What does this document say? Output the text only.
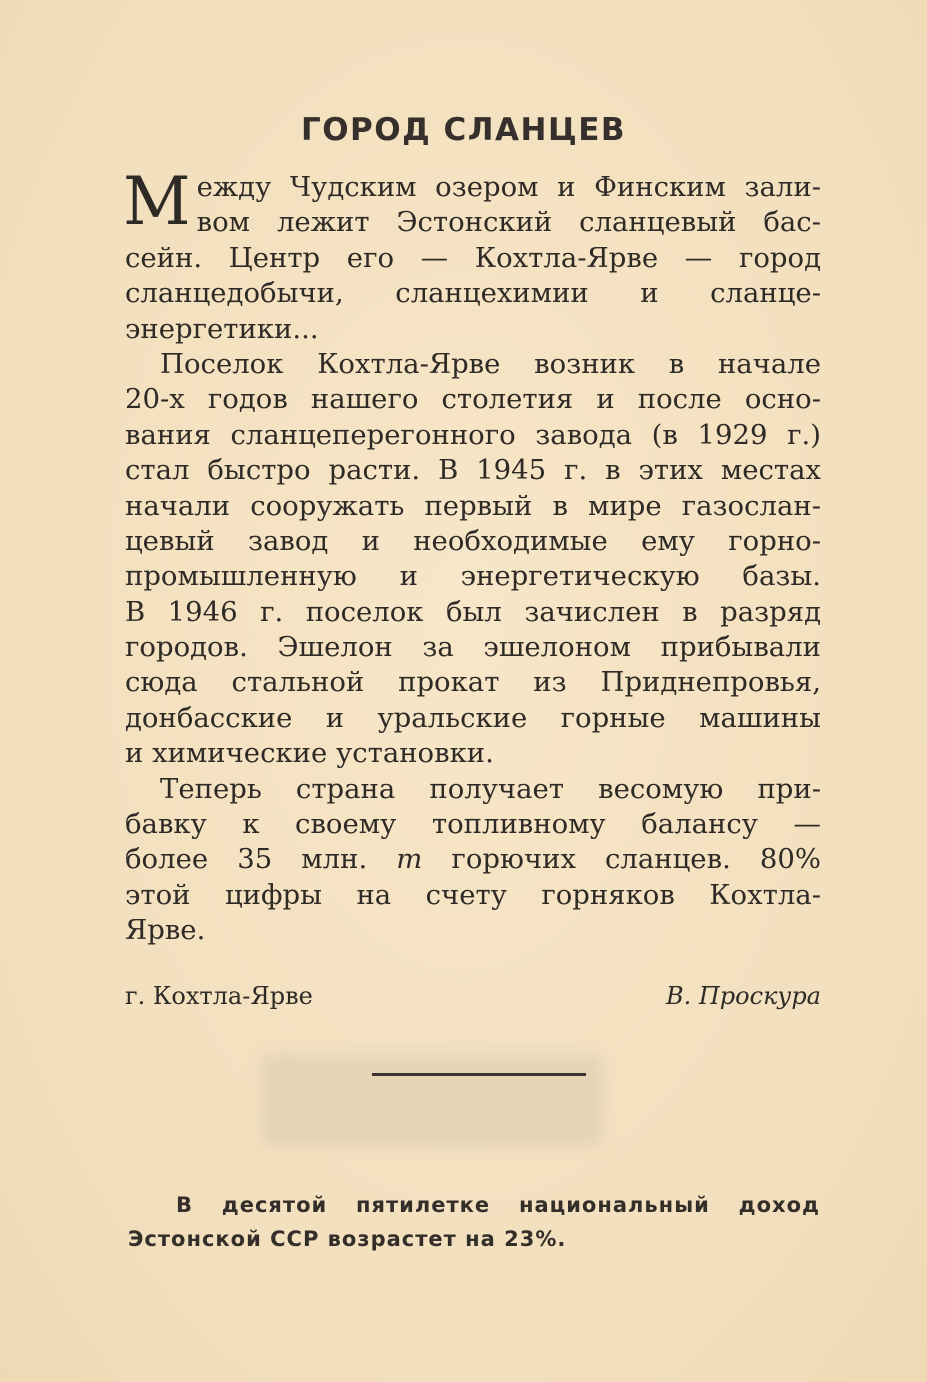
ГОРОД СЛАНЦЕВ
М ежду Чудским озером и Финским зали-
вом лежит Эстонский сланцевый бас-
сейн. Центр его — Кохтла-Ярве — город
сланцедобычи, сланцехимии и сланце-
энергетики...
Поселок Кохтла-Ярве возник в начале
20-х годов нашего столетия и после осно-
вания сланцеперегонного завода (в 1929 г.)
стал быстро расти. В 1945 г. в этих местах
начали сооружать первый в мире газослан-
цевый завод и необходимые ему горно-
промышленную и энергетическую базы.
В 1946 г. поселок был зачислен в разряд
городов. Эшелон за эшелоном прибывали
сюда стальной прокат из Приднепровья,
донбасские и уральские горные машины
и химические установки.
Теперь страна получает весомую при-
бавку к своему топливному балансу —
более 35 млн. т горючих сланцев. 80%
этой цифры на счету горняков Кохтла-
Ярве.
г. Кохтла-Ярве	В. Проскура
В десятой пятилетке национальный доход
Эстонской ССР возрастет на 23%.
